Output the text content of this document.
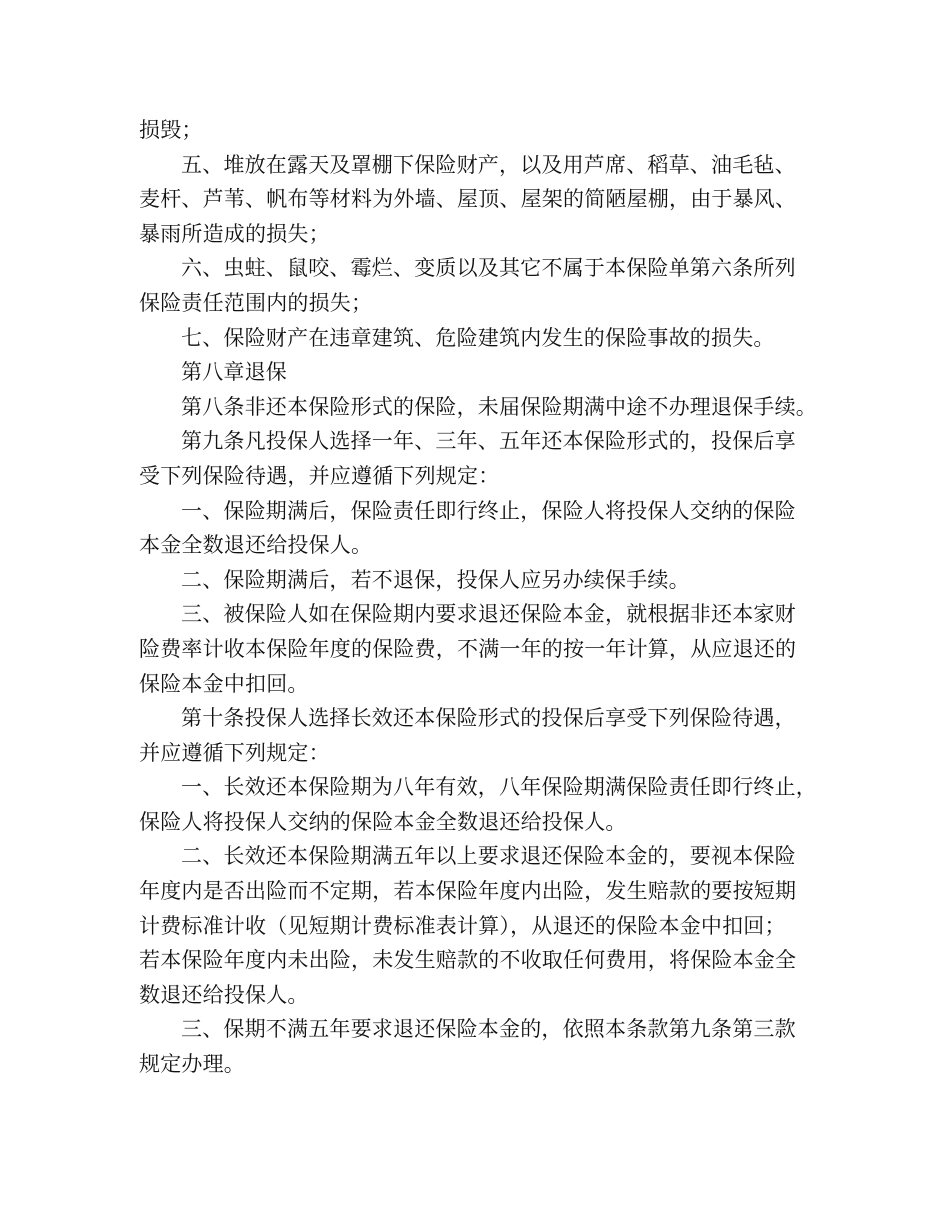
损毁；
五、堆放在露天及罩棚下保险财产，以及用芦席、稻草、油毛毡、
麦杆、芦苇、帆布等材料为外墙、屋顶、屋架的简陋屋棚，由于暴风、
暴雨所造成的损失；
六、虫蛀、鼠咬、霉烂、变质以及其它不属于本保险单第六条所列
保险责任范围内的损失；
七、保险财产在违章建筑、危险建筑内发生的保险事故的损失。
第八章退保
第八条非还本保险形式的保险，未届保险期满中途不办理退保手续。
第九条凡投保人选择一年、三年、五年还本保险形式的，投保后享
受下列保险待遇，并应遵循下列规定：
一、保险期满后，保险责任即行终止，保险人将投保人交纳的保险
本金全数退还给投保人。
二、保险期满后，若不退保，投保人应另办续保手续。
三、被保险人如在保险期内要求退还保险本金，就根据非还本家财
险费率计收本保险年度的保险费，不满一年的按一年计算，从应退还的
保险本金中扣回。
第十条投保人选择长效还本保险形式的投保后享受下列保险待遇，
并应遵循下列规定：
一、长效还本保险期为八年有效，八年保险期满保险责任即行终止，
保险人将投保人交纳的保险本金全数退还给投保人。
二、长效还本保险期满五年以上要求退还保险本金的，要视本保险
年度内是否出险而不定期，若本保险年度内出险，发生赔款的要按短期
计费标准计收（见短期计费标准表计算），从退还的保险本金中扣回；
若本保险年度内未出险，未发生赔款的不收取任何费用，将保险本金全
数退还给投保人。
三、保期不满五年要求退还保险本金的，依照本条款第九条第三款
规定办理。
